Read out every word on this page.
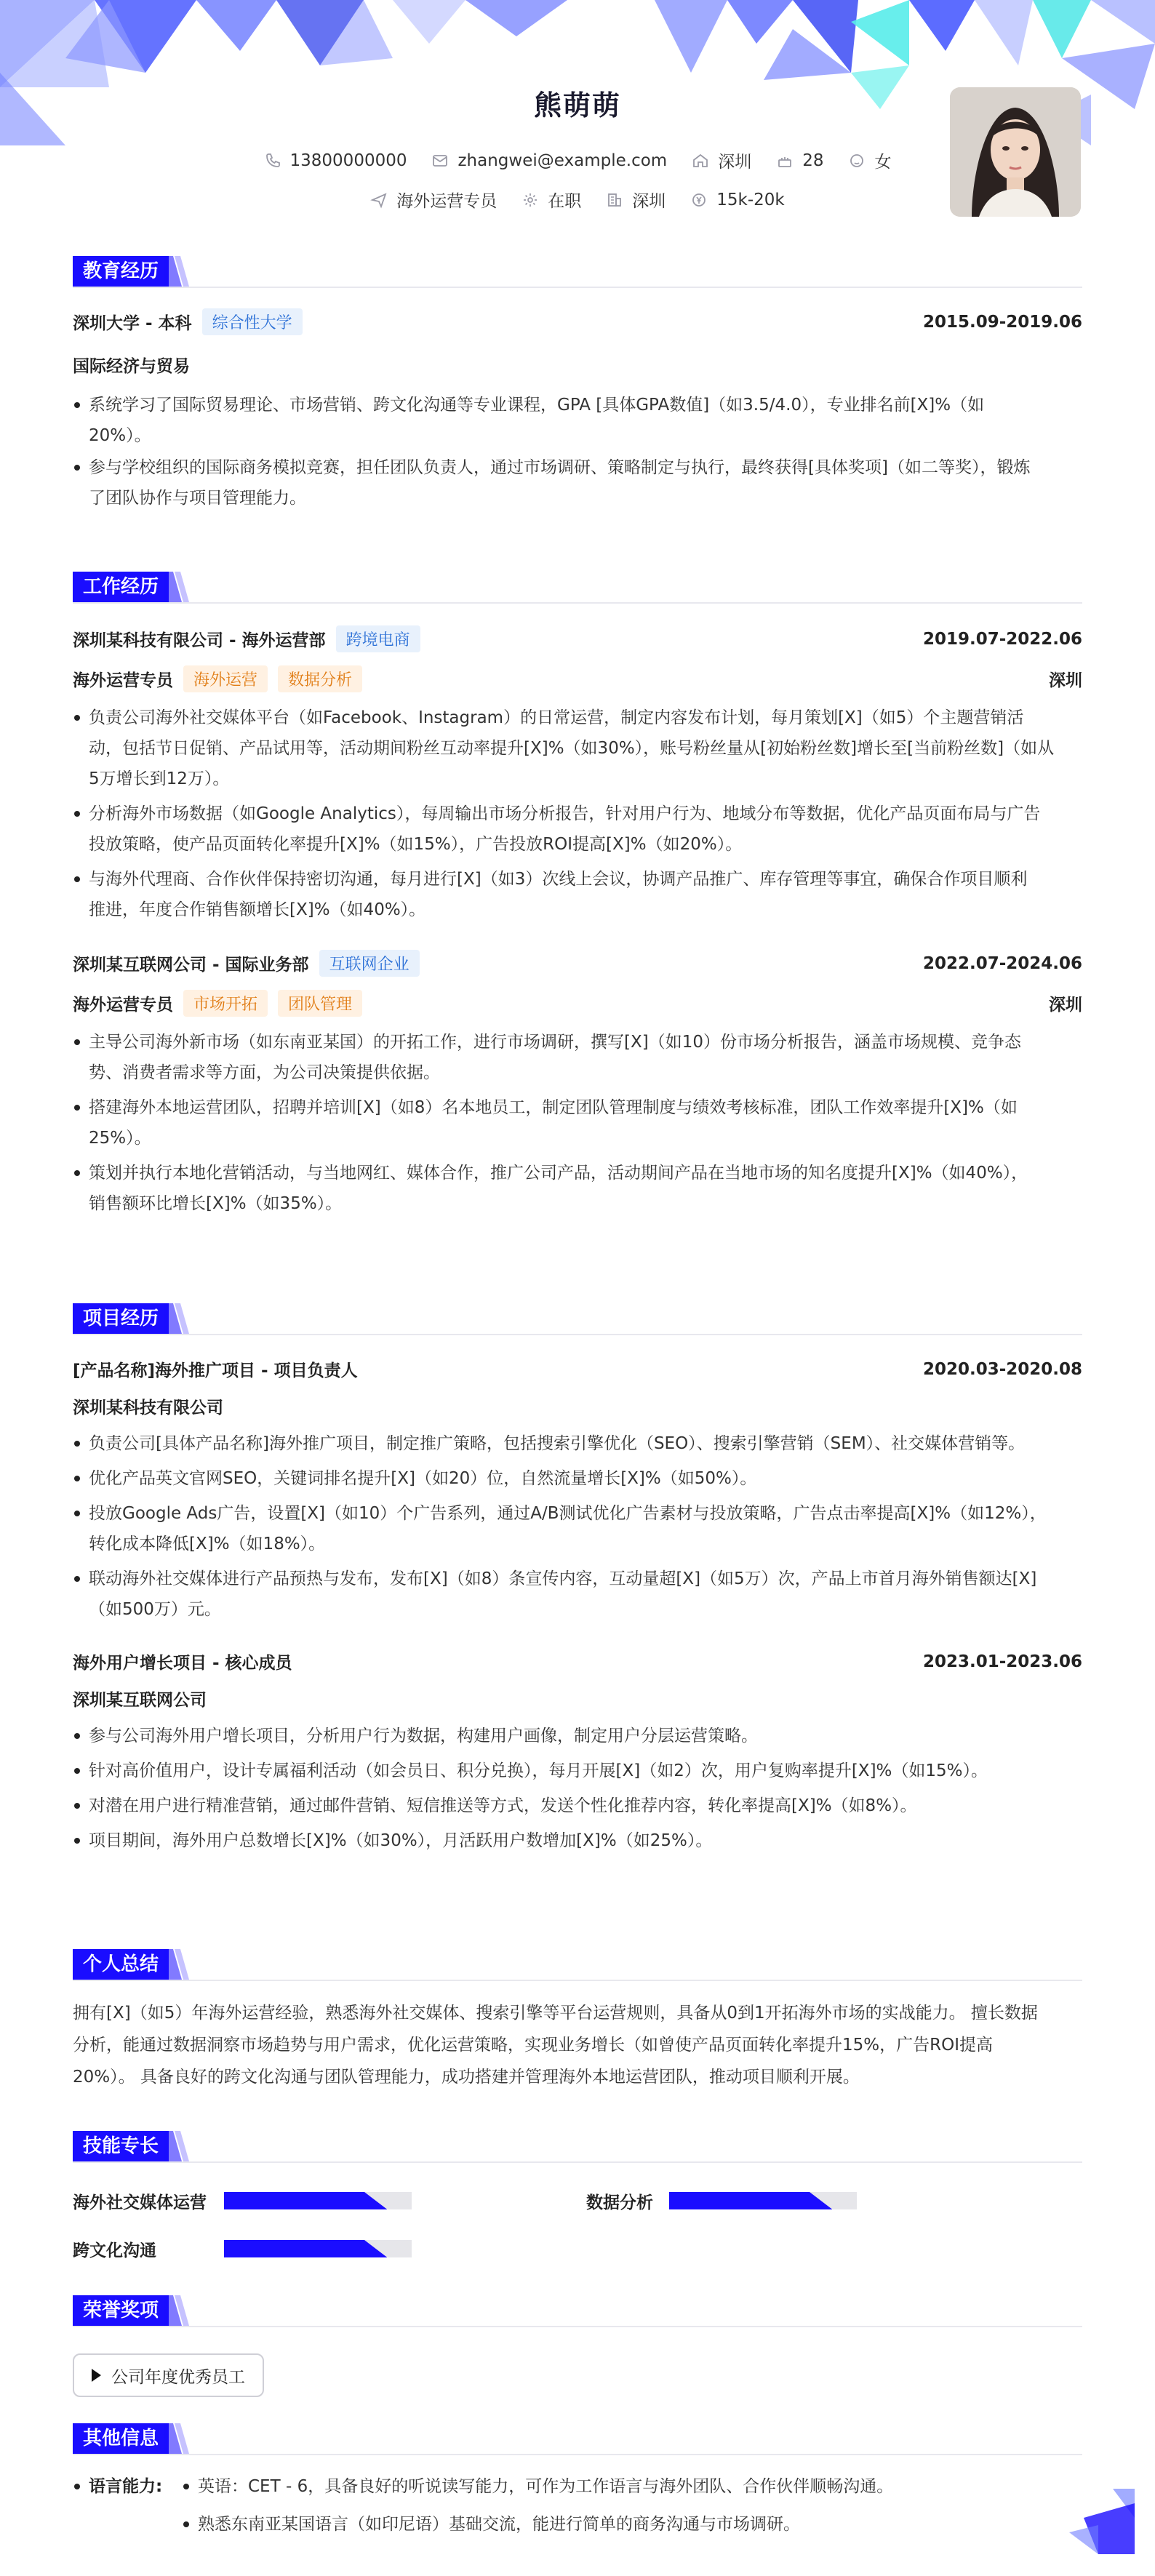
熊萌萌
13800000000	zhangwei@example.com	深圳	28	女
海外运营专员	在职	深圳	15k-20k
教育经历
深圳大学 - 本科	综合性大学	2015.09-2019.06
国际经济与贸易
系统学习了国际贸易理论、市场营销、跨文化沟通等专业课程，GPA [具体GPA数值]（如3.5/4.0），专业排名前[X]%（如
20%）。
参与学校组织的国际商务模拟竞赛，担任团队负责人，通过市场调研、策略制定与执行，最终获得[具体奖项]（如二等奖），锻炼
了团队协作与项目管理能力。
工作经历
深圳某科技有限公司 - 海外运营部	跨境电商	2019.07-2022.06
海外运营专员	海外运营	数据分析	深圳
负责公司海外社交媒体平台（如Facebook、Instagram）的日常运营，制定内容发布计划，每月策划[X]（如5）个主题营销活
动，包括节日促销、产品试用等，活动期间粉丝互动率提升[X]%（如30%），账号粉丝量从[初始粉丝数]增长至[当前粉丝数]（如从
5万增长到12万）。
分析海外市场数据（如Google Analytics），每周输出市场分析报告，针对用户行为、地域分布等数据，优化产品页面布局与广告
投放策略，使产品页面转化率提升[X]%（如15%），广告投放ROI提高[X]%（如20%）。
与海外代理商、合作伙伴保持密切沟通，每月进行[X]（如3）次线上会议，协调产品推广、库存管理等事宜，确保合作项目顺利
推进，年度合作销售额增长[X]%（如40%）。
深圳某互联网公司 - 国际业务部	互联网企业	2022.07-2024.06
海外运营专员	市场开拓	团队管理	深圳
主导公司海外新市场（如东南亚某国）的开拓工作，进行市场调研，撰写[X]（如10）份市场分析报告，涵盖市场规模、竞争态
势、消费者需求等方面，为公司决策提供依据。
搭建海外本地运营团队，招聘并培训[X]（如8）名本地员工，制定团队管理制度与绩效考核标准，团队工作效率提升[X]%（如
25%）。
策划并执行本地化营销活动，与当地网红、媒体合作，推广公司产品，活动期间产品在当地市场的知名度提升[X]%（如40%），
销售额环比增长[X]%（如35%）。
项目经历
[产品名称]海外推广项目 - 项目负责人	2020.03-2020.08
深圳某科技有限公司
负责公司[具体产品名称]海外推广项目，制定推广策略，包括搜索引擎优化（SEO）、搜索引擎营销（SEM）、社交媒体营销等。
优化产品英文官网SEO，关键词排名提升[X]（如20）位，自然流量增长[X]%（如50%）。
投放Google Ads广告，设置[X]（如10）个广告系列，通过A/B测试优化广告素材与投放策略，广告点击率提高[X]%（如12%），
转化成本降低[X]%（如18%）。
联动海外社交媒体进行产品预热与发布，发布[X]（如8）条宣传内容，互动量超[X]（如5万）次，产品上市首月海外销售额达[X]
（如500万）元。
海外用户增长项目 - 核心成员	2023.01-2023.06
深圳某互联网公司
参与公司海外用户增长项目，分析用户行为数据，构建用户画像，制定用户分层运营策略。
针对高价值用户，设计专属福利活动（如会员日、积分兑换），每月开展[X]（如2）次，用户复购率提升[X]%（如15%）。
对潜在用户进行精准营销，通过邮件营销、短信推送等方式，发送个性化推荐内容，转化率提高[X]%（如8%）。
项目期间，海外用户总数增长[X]%（如30%），月活跃用户数增加[X]%（如25%）。
个人总结
拥有[X]（如5）年海外运营经验，熟悉海外社交媒体、搜索引擎等平台运营规则，具备从0到1开拓海外市场的实战能力。 擅长数据
分析，能通过数据洞察市场趋势与用户需求，优化运营策略，实现业务增长（如曾使产品页面转化率提升15%，广告ROI提高
20%）。 具备良好的跨文化沟通与团队管理能力，成功搭建并管理海外本地运营团队，推动项目顺利开展。
技能专长
海外社交媒体运营	数据分析
跨文化沟通
荣誉奖项
公司年度优秀员工
其他信息
语言能力:	英语：CET - 6，具备良好的听说读写能力，可作为工作语言与海外团队、合作伙伴顺畅沟通。
熟悉东南亚某国语言（如印尼语）基础交流，能进行简单的商务沟通与市场调研。
